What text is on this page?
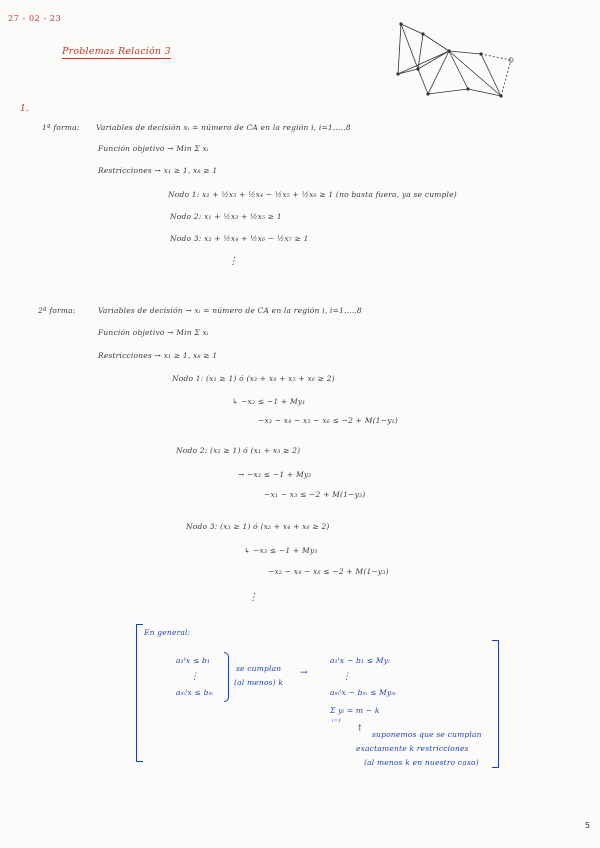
27 - 02 - 23
Problemas Relación 3
1.
1ª forma: Variables de decisión xᵢ = número de CA en la región i, i=1,...,8
Función objetivo → Min Σ xᵢ
Restricciones → x₁ ≥ 1, x₈ ≥ 1
Nodo 1: x₂ + ½x₃ + ½x₄ − ½x₅ + ½x₆ ≥ 1 (no basta fuera, ya se cumple)
Nodo 2: x₁ + ½x₃ + ½x₅ ≥ 1
Nodo 3: x₂ + ½x₄ + ½x₆ − ½x₇ ≥ 1
⋮
2ª forma:	Variables de decisión → xᵢ = número de CA en la región i, i=1,...,8
Función objetivo → Min Σ xᵢ
Restricciones → x₁ ≥ 1, x₈ ≥ 1
Nodo 1: (x₁ ≥ 1) ó (x₃ + x₄ + x₅ + x₆ ≥ 2)
↳ −x₂ ≤ −1 + My₁
−x₃ − x₄ − x₅ − x₆ ≤ −2 + M(1−y₁)
Nodo 2: (x₂ ≥ 1) ó (x₁ + x₃ ≥ 2)
→ −x₂ ≤ −1 + My₂
−x₁ − x₃ ≤ −2 + M(1−y₂)
Nodo 3: (x₃ ≥ 1) ó (x₂ + x₄ + x₆ ≥ 2)
↳ −x₃ ≤ −1 + My₃
−x₂ − x₄ − x₆ ≤ −2 + M(1−y₃)
⋮
En general:
a₁ᵗx ≤ b₁
⋮
aₘᵗx ≤ bₘ
se cumplan
(al menos) k
→
a₁ᵗx − b₁ ≤ Myᵢ
⋮
aₘᵗx − bₘ ≤ Myₘ
Σ yᵢ = m − k
i=1
↑
suponemos que se cumplan
exactamente k restricciones
(al menos k en nuestro caso)
5
